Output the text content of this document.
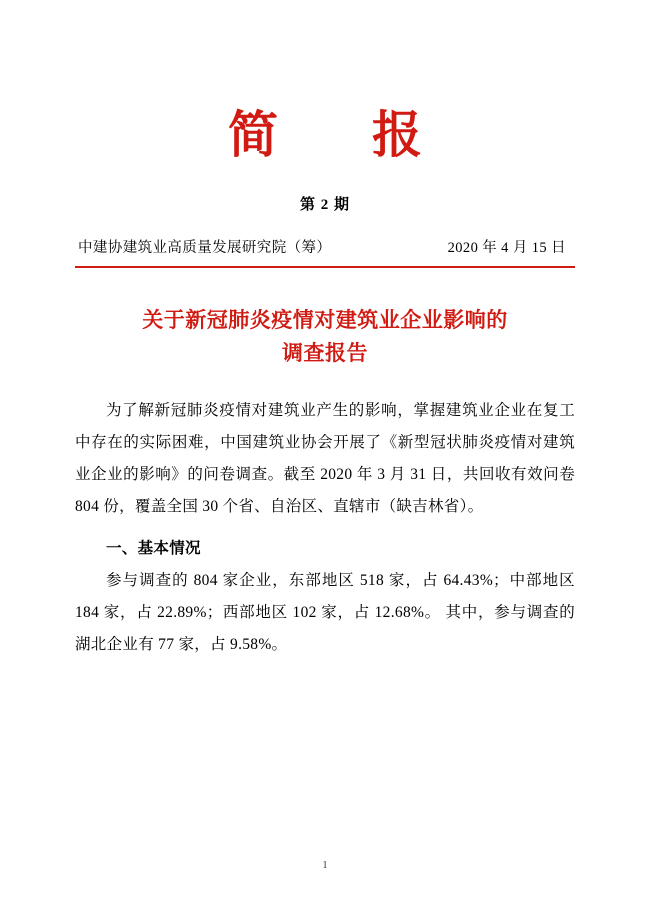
简　报
第 2 期
中建协建筑业高质量发展研究院（筹）	2020 年 4 月 15 日
关于新冠肺炎疫情对建筑业企业影响的
调查报告

为了解新冠肺炎疫情对建筑业产生的影响，掌握建筑业企业在复工中存在的实际困难，中国建筑业协会开展了《新型冠状肺炎疫情对建筑业企业的影响》的问卷调查。截至 2020 年 3 月 31 日，共回收有效问卷 804 份，覆盖全国 30 个省、自治区、直辖市（缺吉林省）。

一、基本情况

参与调查的 804 家企业，东部地区 518 家，占 64.43%；中部地区 184 家，占 22.89%；西部地区 102 家，占 12.68%。 其中，参与调查的湖北企业有 77 家，占 9.58%。

1
